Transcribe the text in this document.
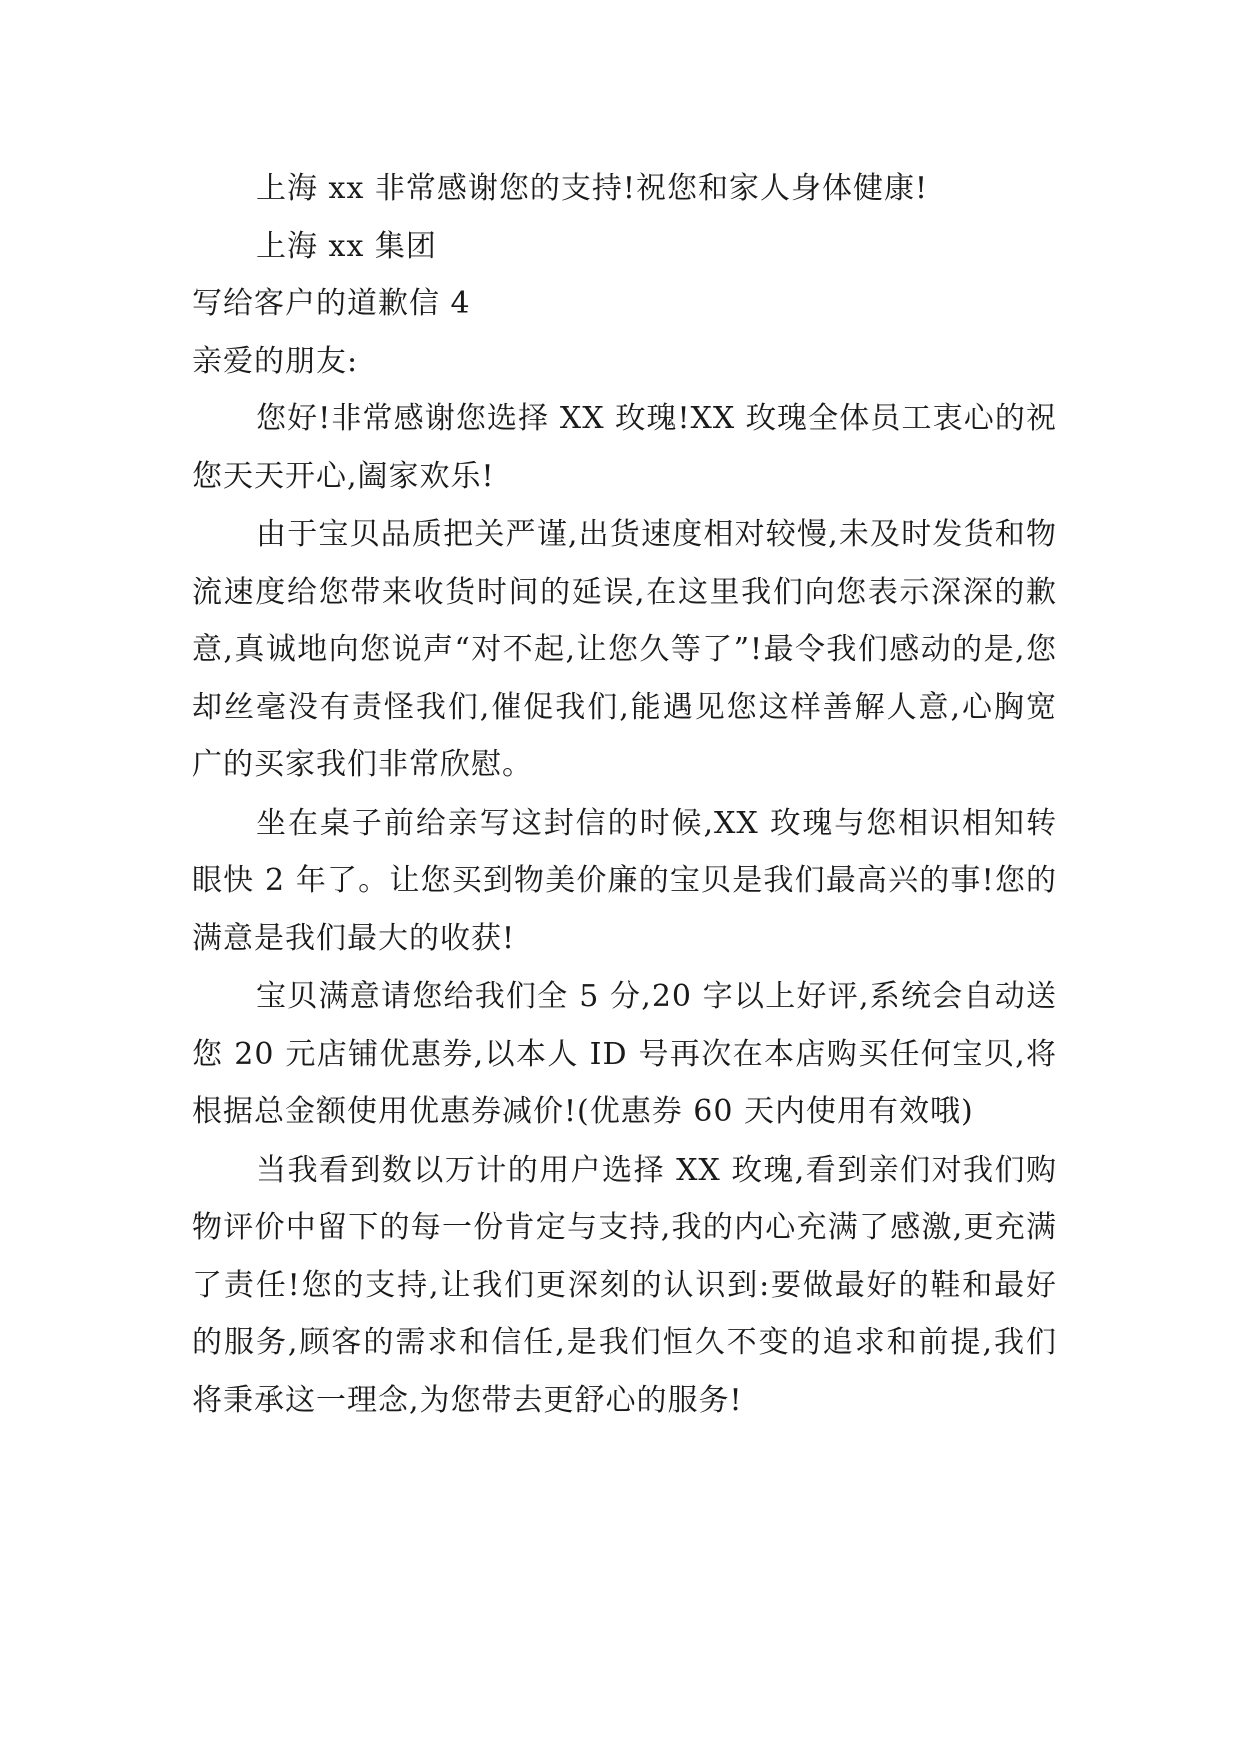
上海 xx 非常感谢您的支持!祝您和家人身体健康!

上海 xx 集团

写给客户的道歉信 4

亲爱的朋友:

您好!非常感谢您选择 XX 玫瑰!XX 玫瑰全体员工衷心的祝您天天开心,阖家欢乐!

由于宝贝品质把关严谨,出货速度相对较慢,未及时发货和物流速度给您带来收货时间的延误,在这里我们向您表示深深的歉意,真诚地向您说声“对不起,让您久等了”!最令我们感动的是,您却丝毫没有责怪我们,催促我们,能遇见您这样善解人意,心胸宽广的买家我们非常欣慰。

坐在桌子前给亲写这封信的时候,XX 玫瑰与您相识相知转眼快 2 年了。让您买到物美价廉的宝贝是我们最高兴的事!您的满意是我们最大的收获!

宝贝满意请您给我们全 5 分,20 字以上好评,系统会自动送您 20 元店铺优惠券,以本人 ID 号再次在本店购买任何宝贝,将根据总金额使用优惠券减价!(优惠券 60 天内使用有效哦)

当我看到数以万计的用户选择 XX 玫瑰,看到亲们对我们购物评价中留下的每一份肯定与支持,我的内心充满了感激,更充满了责任!您的支持,让我们更深刻的认识到:要做最好的鞋和最好的服务,顾客的需求和信任,是我们恒久不变的追求和前提,我们将秉承这一理念,为您带去更舒心的服务!
